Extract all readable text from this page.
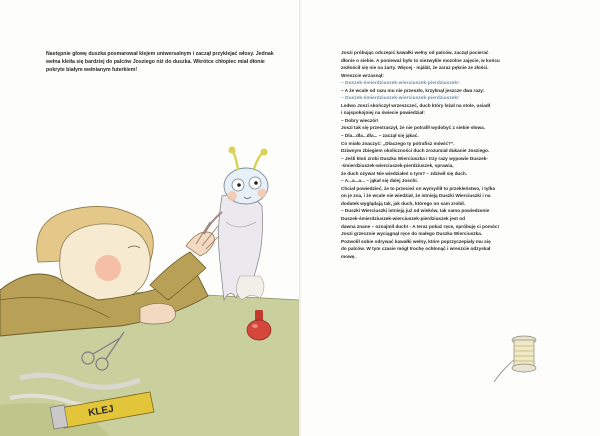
Następnie głowę duszka posmarował klejem uniwersalnym i zaczął przyklejać włosy. Jednak wełna kleiła się bardziej do palców Josziego niż do duszka. Wkrótce chłopiec miał dłonie pokryte białym wełnianym futerkiem!
KLEJ

Joszi próbując odczepić kawałki wełny od palców, zaczął pocierać

dłonie o siebie. A ponieważ było to niezwykle mozolne zajęcie, w końcu

zezłościł się nie na żarty. Więcej - mjálát, że zaraz pęknie ze złości.

Wreszcie wrzasnął:

– Duszek-śmierdziuszek-wierciuszek-pierdziuszek!

– A że wcale od razu mu nie przeszło, krzyknął jeszcze dwa razy:

– Duszek-śmierdziuszek-wierciuszek-pierdziuszek!

Ledwo Joszi skończył wrzeszczeć, duch który leżał na stole, usiadł

i najspokojniej na świecie powiedział:

– Dobry wieczór!

Joszi tak się przestraszył, że nie potrafił wydobyć z siebie słowa.

– Dla...dla...dla... – zaczął się jąkać.

Co miało znaczyć: „Dlaczego ty potrafisz mówić?”.

Dziwnym zbiegiem okoliczności duch zrozumiał dukanie Josziego.

– Jeśli ktoś zrobi Duszka Wierciuszka i trzy razy wypowie Duszek-

-śmierdziuszek-wierciuszek-pierdziuszek, sprawia,

że duch ożywa! Nie wiedziałeś o tym? – zdziwił się duch.

– A...a...a... – jąkał się dalej Joschi.

Chciał powiedzieć, że to przecież on wymyślił to przekleństwo, i tylko

on je zna, i że wcale nie wiedział, że istnieją Duszki Wierciuszki i na

dodatek wyglądają tak, jak duch, którego on sam zrobił.

– Duszki Wierciuszki istnieją już od wieków, tak samo powiedzenie

Duszek-śmierdziuszek-wierciuszek-pierdziuszek jest od

dawna znane – oznajmił duch! - A teraz pokaż ręce, spróbuję ci pomóc!

Joszi grzecznie wyciągnął ręce do małego Duszka Wierciuszka.

Pozwolił sobie odrywać kawałki wełny, które poprzyczepiały mu się

do palców. W tym czasie mógł trochę ochłonąć i wreszcie odzyskał

mowę.
